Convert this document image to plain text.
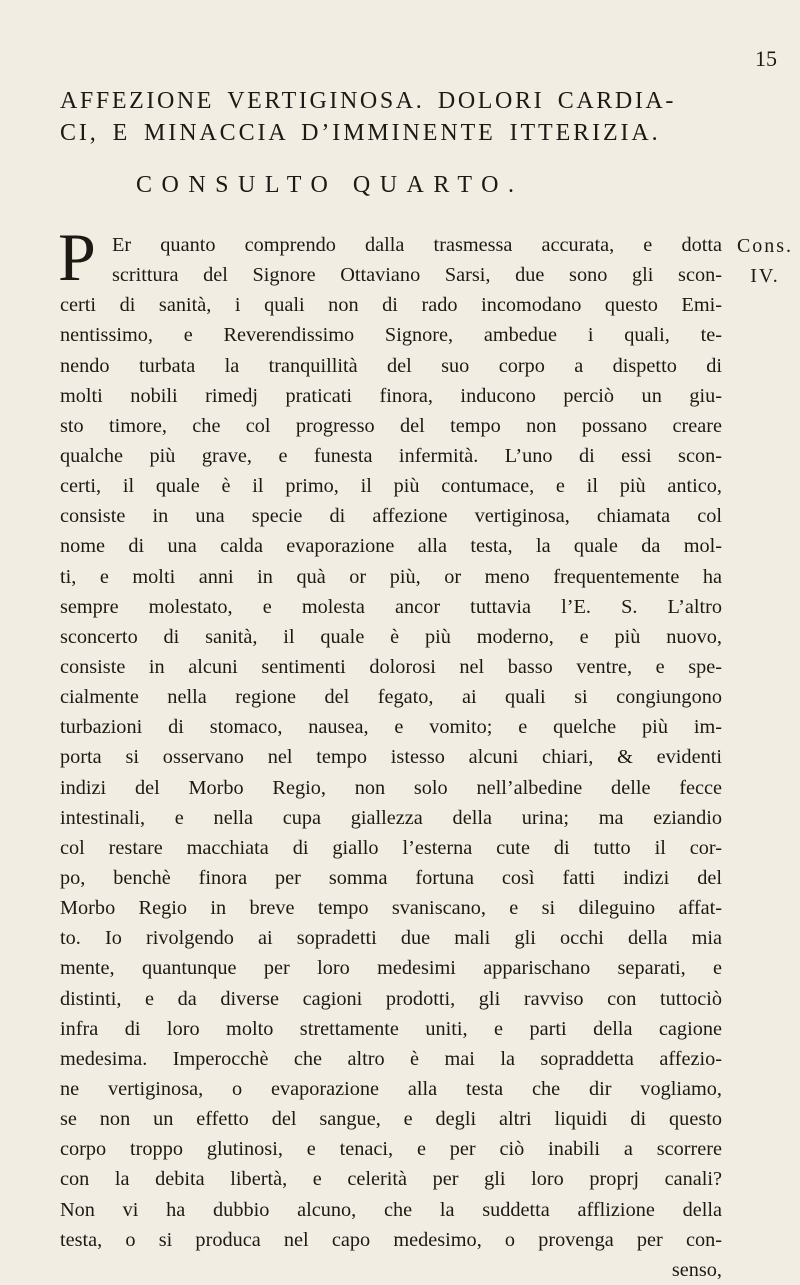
15
AFFEZIONE VERTIGINOSA. DOLORI CARDIA-
CI, E MINACCIA D’IMMINENTE ITTERIZIA.
CONSULTO QUARTO.
Cons.
IV.
P Er quanto comprendo dalla trasmessa accurata, e dotta
scrittura del Signore Ottaviano Sarsi, due sono gli scon-
certi di sanità, i quali non di rado incomodano questo Emi-
nentissimo, e Reverendissimo Signore, ambedue i quali, te-
nendo turbata la tranquillità del suo corpo a dispetto di
molti nobili rimedj praticati finora, inducono perciò un giu-
sto timore, che col progresso del tempo non possano creare
qualche più grave, e funesta infermità. L’uno di essi scon-
certi, il quale è il primo, il più contumace, e il più antico,
consiste in una specie di affezione vertiginosa, chiamata col
nome di una calda evaporazione alla testa, la quale da mol-
ti, e molti anni in quà or più, or meno frequentemente ha
sempre molestato, e molesta ancor tuttavia l’E. S. L’altro
sconcerto di sanità, il quale è più moderno, e più nuovo,
consiste in alcuni sentimenti dolorosi nel basso ventre, e spe-
cialmente nella regione del fegato, ai quali si congiungono
turbazioni di stomaco, nausea, e vomito; e quelche più im-
porta si osservano nel tempo istesso alcuni chiari, & evidenti
indizi del Morbo Regio, non solo nell’albedine delle fecce
intestinali, e nella cupa giallezza della urina; ma eziandio
col restare macchiata di giallo l’esterna cute di tutto il cor-
po, benchè finora per somma fortuna così fatti indizi del
Morbo Regio in breve tempo svaniscano, e si dileguino affat-
to. Io rivolgendo ai sopradetti due mali gli occhi della mia
mente, quantunque per loro medesimi apparischano separati, e
distinti, e da diverse cagioni prodotti, gli ravviso con tuttociò
infra di loro molto strettamente uniti, e parti della cagione
medesima. Imperocchè che altro è mai la sopraddetta affezio-
ne vertiginosa, o evaporazione alla testa che dir vogliamo,
se non un effetto del sangue, e degli altri liquidi di questo
corpo troppo glutinosi, e tenaci, e per ciò inabili a scorrere
con la debita libertà, e celerità per gli loro proprj canali?
Non vi ha dubbio alcuno, che la suddetta afflizione della
testa, o si produca nel capo medesimo, o provenga per con-
senso,
